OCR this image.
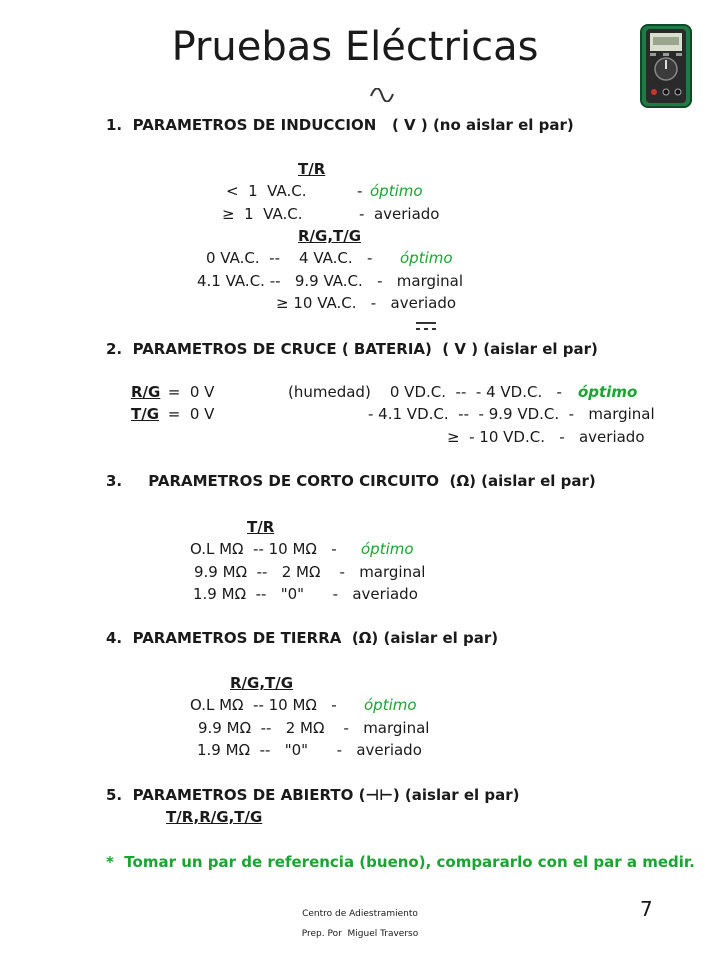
Pruebas Eléctricas
1.  PARAMETROS DE INDUCCION   ( V ) (no aislar el par)
T/R
<  1  VA.C.	- óptimo
≥  1  VA.C.	-  averiado
R/G,T/G
0 VA.C.  --    4 VA.C.   - óptimo
4.1 VA.C. --   9.9 VA.C.   -   marginal
≥ 10 VA.C.   -   averiado
2.  PARAMETROS DE CRUCE ( BATERIA)  ( V ) (aislar el par)
R/G =  0 V	(humedad)    0 VD.C.  --  - 4 VD.C.   - óptimo
T/G =  0 V	- 4.1 VD.C.  --  - 9.9 VD.C.  -   marginal
≥  - 10 VD.C.   -   averiado
3.     PARAMETROS DE CORTO CIRCUITO  (Ω) (aislar el par)
T/R
O.L MΩ  -- 10 MΩ   - óptimo
9.9 MΩ  --   2 MΩ    -   marginal
1.9 MΩ  --   "0"      -   averiado
4.  PARAMETROS DE TIERRA  (Ω) (aislar el par)
R/G,T/G
O.L MΩ  -- 10 MΩ   - óptimo
9.9 MΩ  --   2 MΩ    -   marginal
1.9 MΩ  --   "0"      -   averiado
5.  PARAMETROS DE ABIERTO (⊣⊢) (aislar el par)
T/R,R/G,T/G
*  Tomar un par de referencia (bueno), compararlo con el par a medir.
7
Centro de Adiestramiento
Prep. Por  Miguel Traverso
